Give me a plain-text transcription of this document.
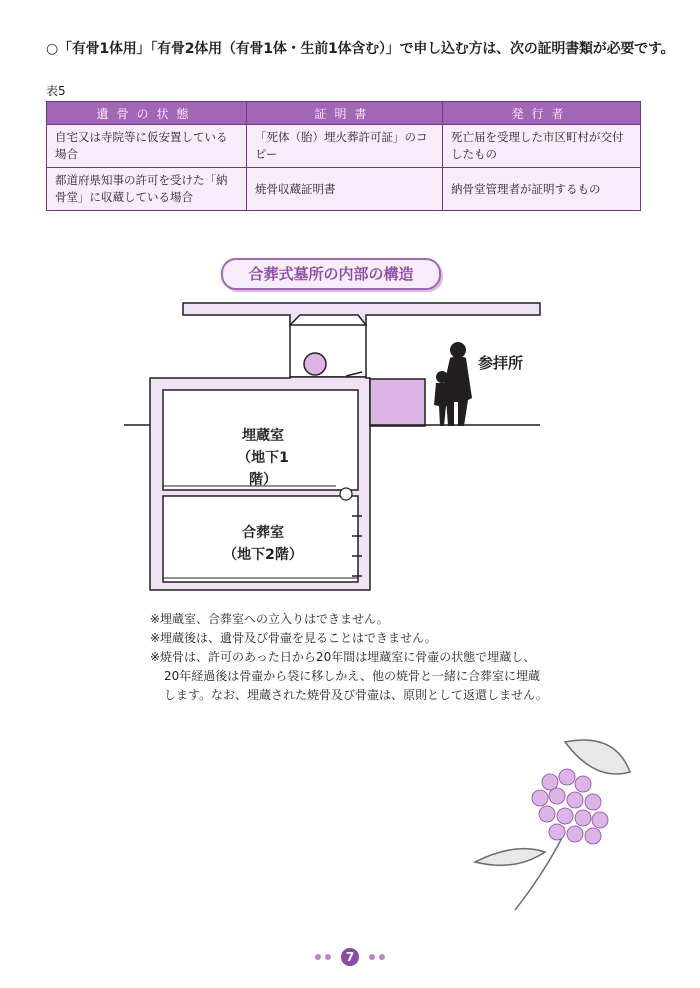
○「有骨1体用」「有骨2体用（有骨1体・生前1体含む）」で申し込む方は、次の証明書類が必要です。
表5
遺骨の状態	証明書	発行者
自宅又は寺院等に仮安置している場合	「死体（胎）埋火葬許可証」のコピー	死亡届を受理した市区町村が交付したもの
都道府県知事の許可を受けた「納骨堂」に収蔵している場合	焼骨収蔵証明書	納骨堂管理者が証明するもの
合葬式墓所の内部の構造
埋蔵室
（地下1階）
合葬室
（地下2階）
参拝所

※埋蔵室、合葬室への立入りはできません。

※埋蔵後は、遺骨及び骨壷を見ることはできません。

※焼骨は、許可のあった日から20年間は埋蔵室に骨壷の状態で埋蔵し、

20年経過後は骨壷から袋に移しかえ、他の焼骨と一緒に合葬室に埋蔵

します。なお、埋蔵された焼骨及び骨壷は、原則として返還しません。

7
